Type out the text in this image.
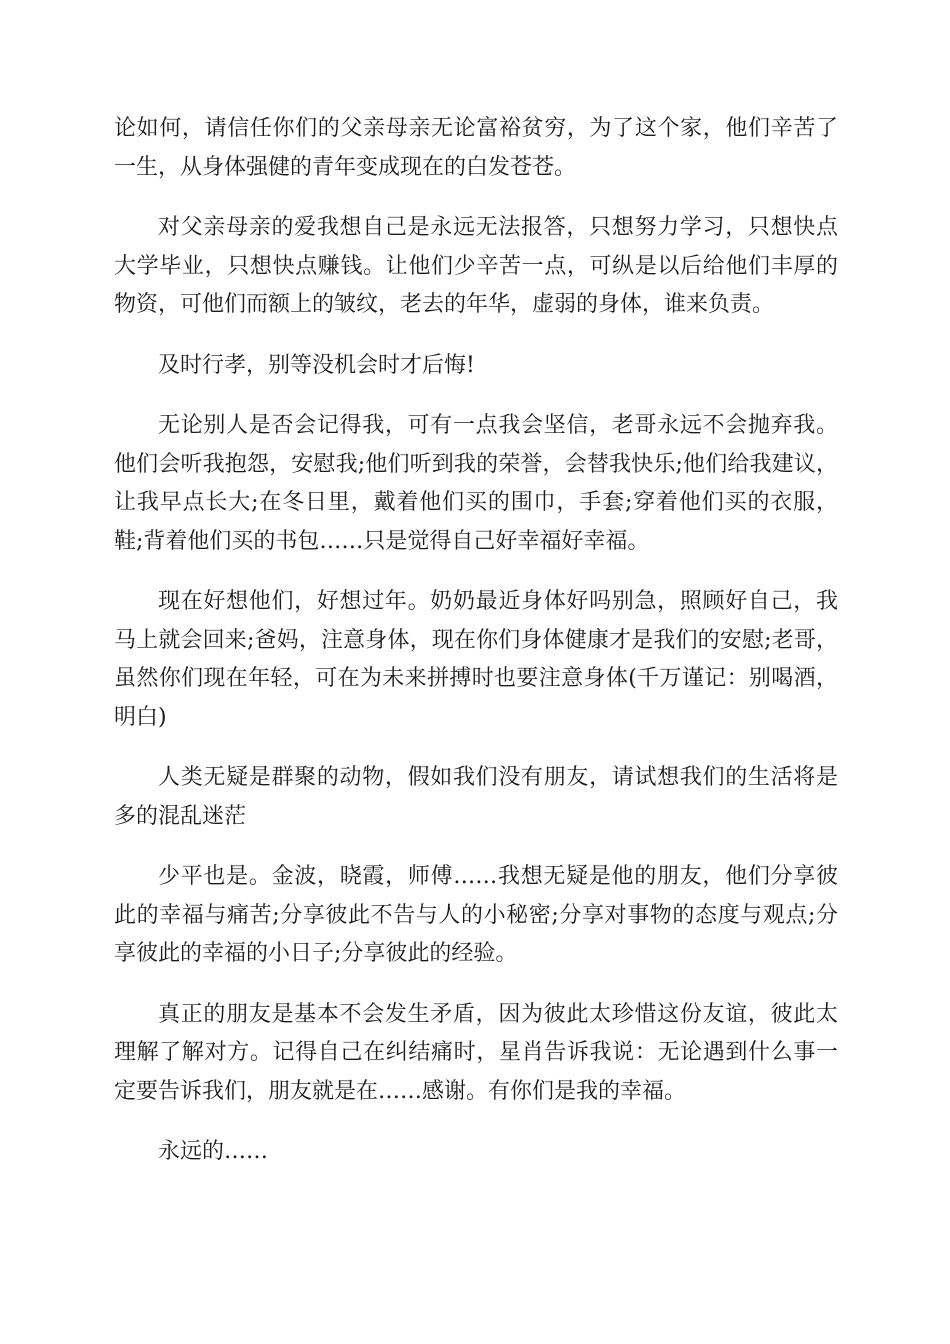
论如何，请信任你们的父亲母亲无论富裕贫穷，为了这个家，他们辛苦了一生，从身体强健的青年变成现在的白发苍苍。

对父亲母亲的爱我想自己是永远无法报答，只想努力学习，只想快点大学毕业，只想快点赚钱。让他们少辛苦一点，可纵是以后给他们丰厚的物资，可他们而额上的皱纹，老去的年华，虚弱的身体，谁来负责。

及时行孝，别等没机会时才后悔!

无论别人是否会记得我，可有一点我会坚信，老哥永远不会抛弃我。他们会听我抱怨，安慰我;他们听到我的荣誉，会替我快乐;他们给我建议，让我早点长大;在冬日里，戴着他们买的围巾，手套;穿着他们买的衣服，鞋;背着他们买的书包……只是觉得自己好幸福好幸福。

现在好想他们，好想过年。奶奶最近身体好吗别急，照顾好自己，我马上就会回来;爸妈，注意身体，现在你们身体健康才是我们的安慰;老哥，虽然你们现在年轻，可在为未来拼搏时也要注意身体(千万谨记：别喝酒，明白)

人类无疑是群聚的动物，假如我们没有朋友，请试想我们的生活将是多的混乱迷茫

少平也是。金波，晓霞，师傅……我想无疑是他的朋友，他们分享彼此的幸福与痛苦;分享彼此不告与人的小秘密;分享对事物的态度与观点;分享彼此的幸福的小日子;分享彼此的经验。

真正的朋友是基本不会发生矛盾，因为彼此太珍惜这份友谊，彼此太理解了解对方。记得自己在纠结痛时，星肖告诉我说：无论遇到什么事一定要告诉我们，朋友就是在……感谢。有你们是我的幸福。

永远的……
